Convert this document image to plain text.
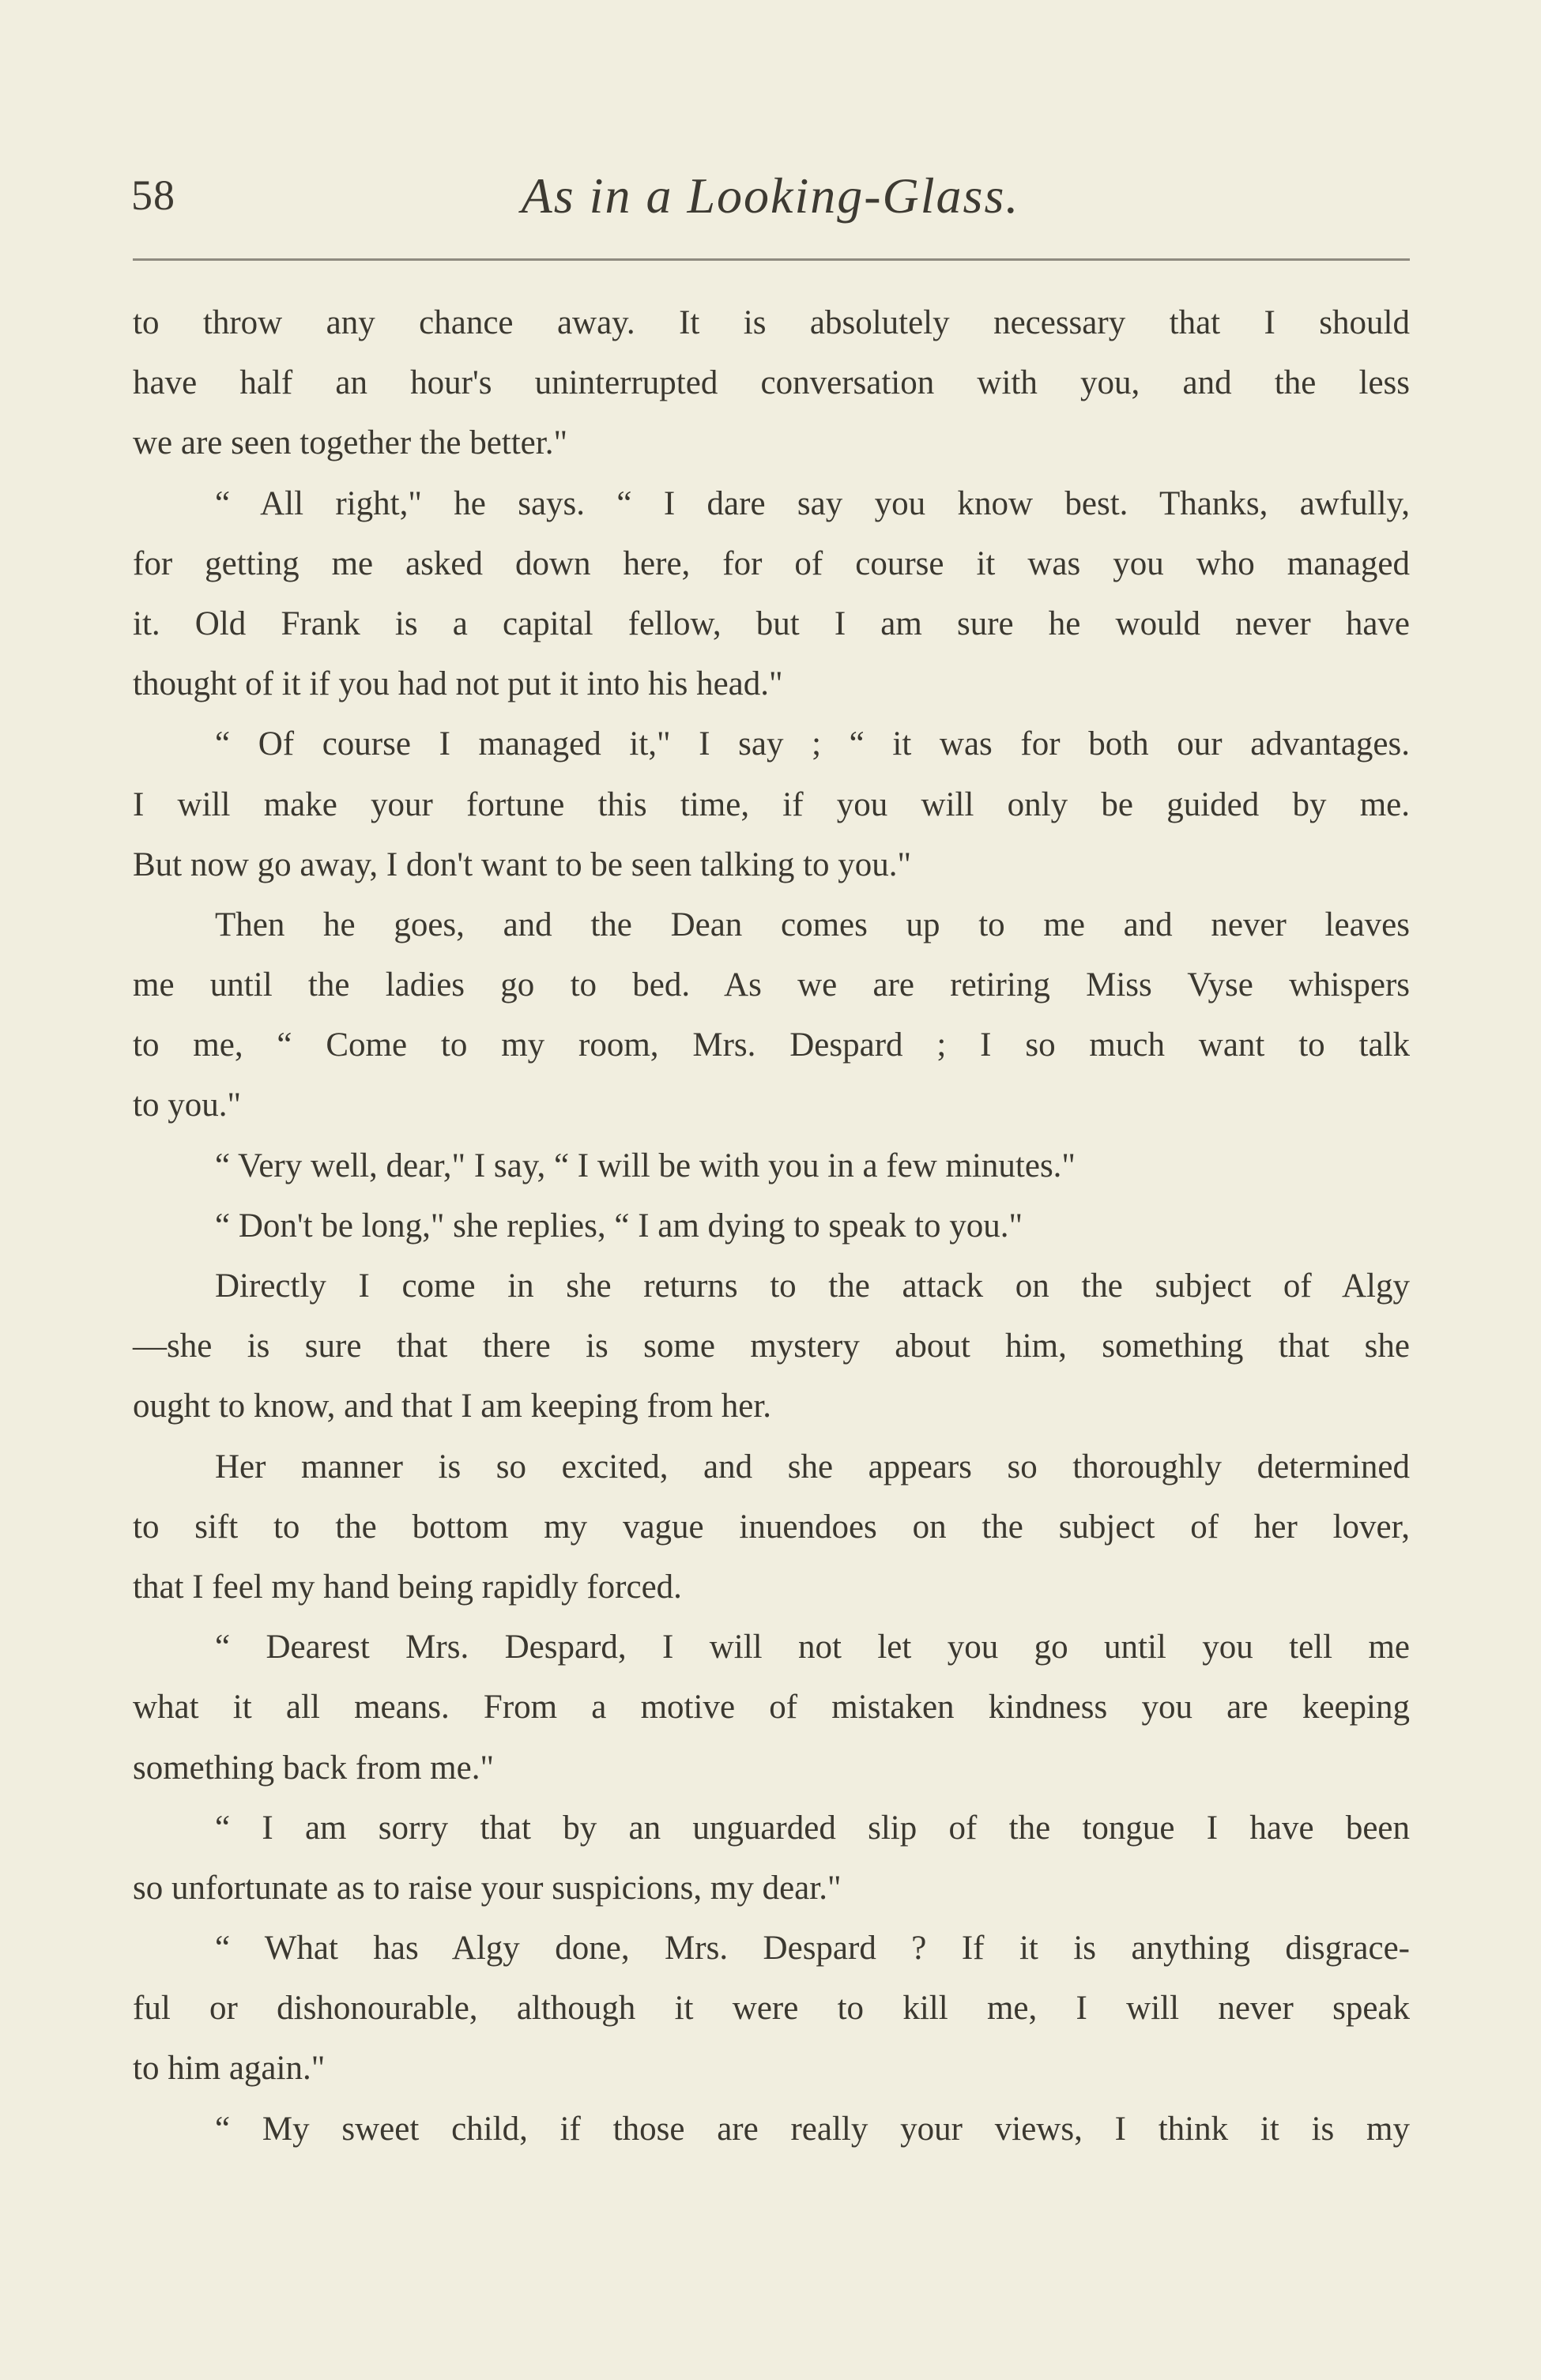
58	As in a Looking-Glass.
to throw any chance away. It is absolutely necessary that I should
have half an hour's uninterrupted conversation with you, and the less
we are seen together the better."
“ All right," he says. “ I dare say you know best. Thanks, awfully,
for getting me asked down here, for of course it was you who managed
it. Old Frank is a capital fellow, but I am sure he would never have
thought of it if you had not put it into his head."
“ Of course I managed it," I say ; “ it was for both our advantages.
I will make your fortune this time, if you will only be guided by me.
But now go away, I don't want to be seen talking to you."
Then he goes, and the Dean comes up to me and never leaves
me until the ladies go to bed. As we are retiring Miss Vyse whispers
to me, “ Come to my room, Mrs. Despard ; I so much want to talk
to you."
“ Very well, dear," I say, “ I will be with you in a few minutes."
“ Don't be long," she replies, “ I am dying to speak to you."
Directly I come in she returns to the attack on the subject of Algy
—she is sure that there is some mystery about him, something that she
ought to know, and that I am keeping from her.
Her manner is so excited, and she appears so thoroughly determined
to sift to the bottom my vague inuendoes on the subject of her lover,
that I feel my hand being rapidly forced.
“ Dearest Mrs. Despard, I will not let you go until you tell me
what it all means. From a motive of mistaken kindness you are keeping
something back from me."
“ I am sorry that by an unguarded slip of the tongue I have been
so unfortunate as to raise your suspicions, my dear."
“ What has Algy done, Mrs. Despard ? If it is anything disgrace-
ful or dishonourable, although it were to kill me, I will never speak
to him again."
“ My sweet child, if those are really your views, I think it is my
